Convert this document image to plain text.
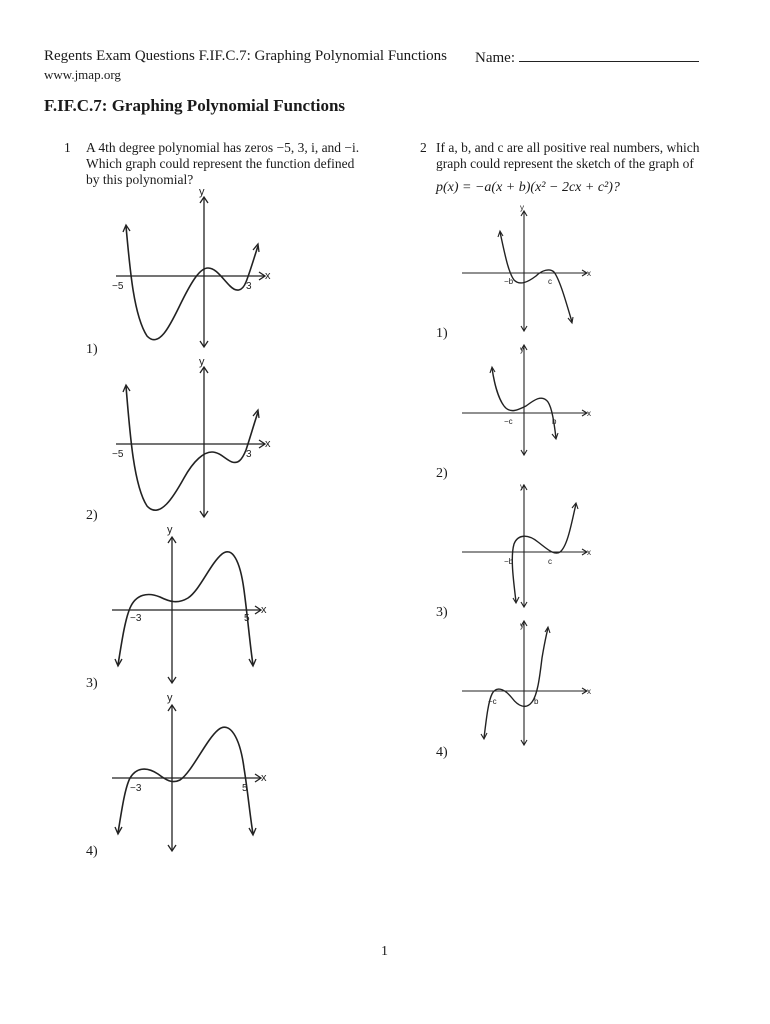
Regents Exam Questions F.IF.C.7: Graphing Polynomial Functions Name:
www.jmap.org
F.IF.C.7: Graphing Polynomial Functions
1 A 4th degree polynomial has zeros −5, 3, i, and −i.
Which graph could represent the function defined
by this polynomial?
2 If a, b, and c are all positive real numbers, which
graph could represent the sketch of the graph of
p(x) = −a(x + b)(x² − 2cx + c²)?
1)
2)
3)
4)
1)
2)
3)
4)
y
x
−5	3
y
x
−5	3
y
x
−3	5
y
x
−3	5
y
x
−b	c
y
x
−c	b
y
x
−b	c
y
x
−c	b
1
